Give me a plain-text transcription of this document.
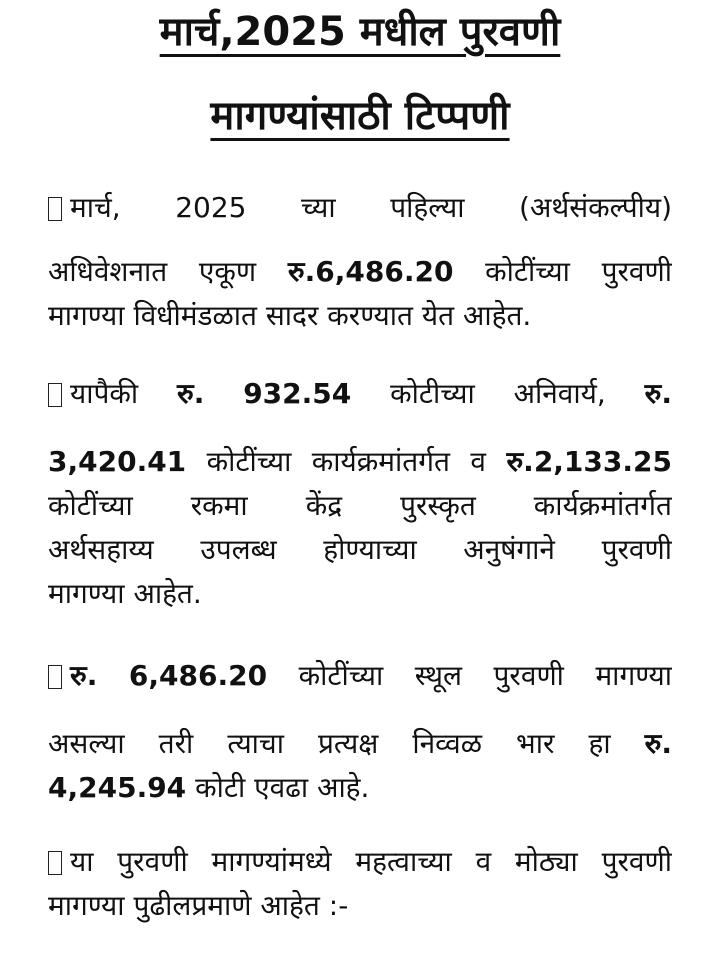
मार्च,2025 मधील पुरवणी
मागण्यांसाठी टिप्पणी
मार्च, 2025 च्या पहिल्या (अर्थसंकल्पीय)
अधिवेशनात एकूण रु.6,486.20 कोटींच्या पुरवणी
मागण्या विधीमंडळात सादर करण्यात येत आहेत.
यापैकी रु. 932.54 कोटीच्या अनिवार्य, रु.
3,420.41 कोटींच्या कार्यक्रमांतर्गत व रु.2,133.25
कोटींच्या रकमा केंद्र पुरस्कृत कार्यक्रमांतर्गत
अर्थसहाय्य उपलब्ध होण्याच्या अनुषंगाने पुरवणी
मागण्या आहेत.
रु. 6,486.20 कोटींच्या स्थूल पुरवणी मागण्या
असल्या तरी त्याचा प्रत्यक्ष निव्वळ भार हा रु.
4,245.94 कोटी एवढा आहे.
या पुरवणी मागण्यांमध्ये महत्वाच्या व मोठ्या पुरवणी
मागण्या पुढीलप्रमाणे आहेत :-
